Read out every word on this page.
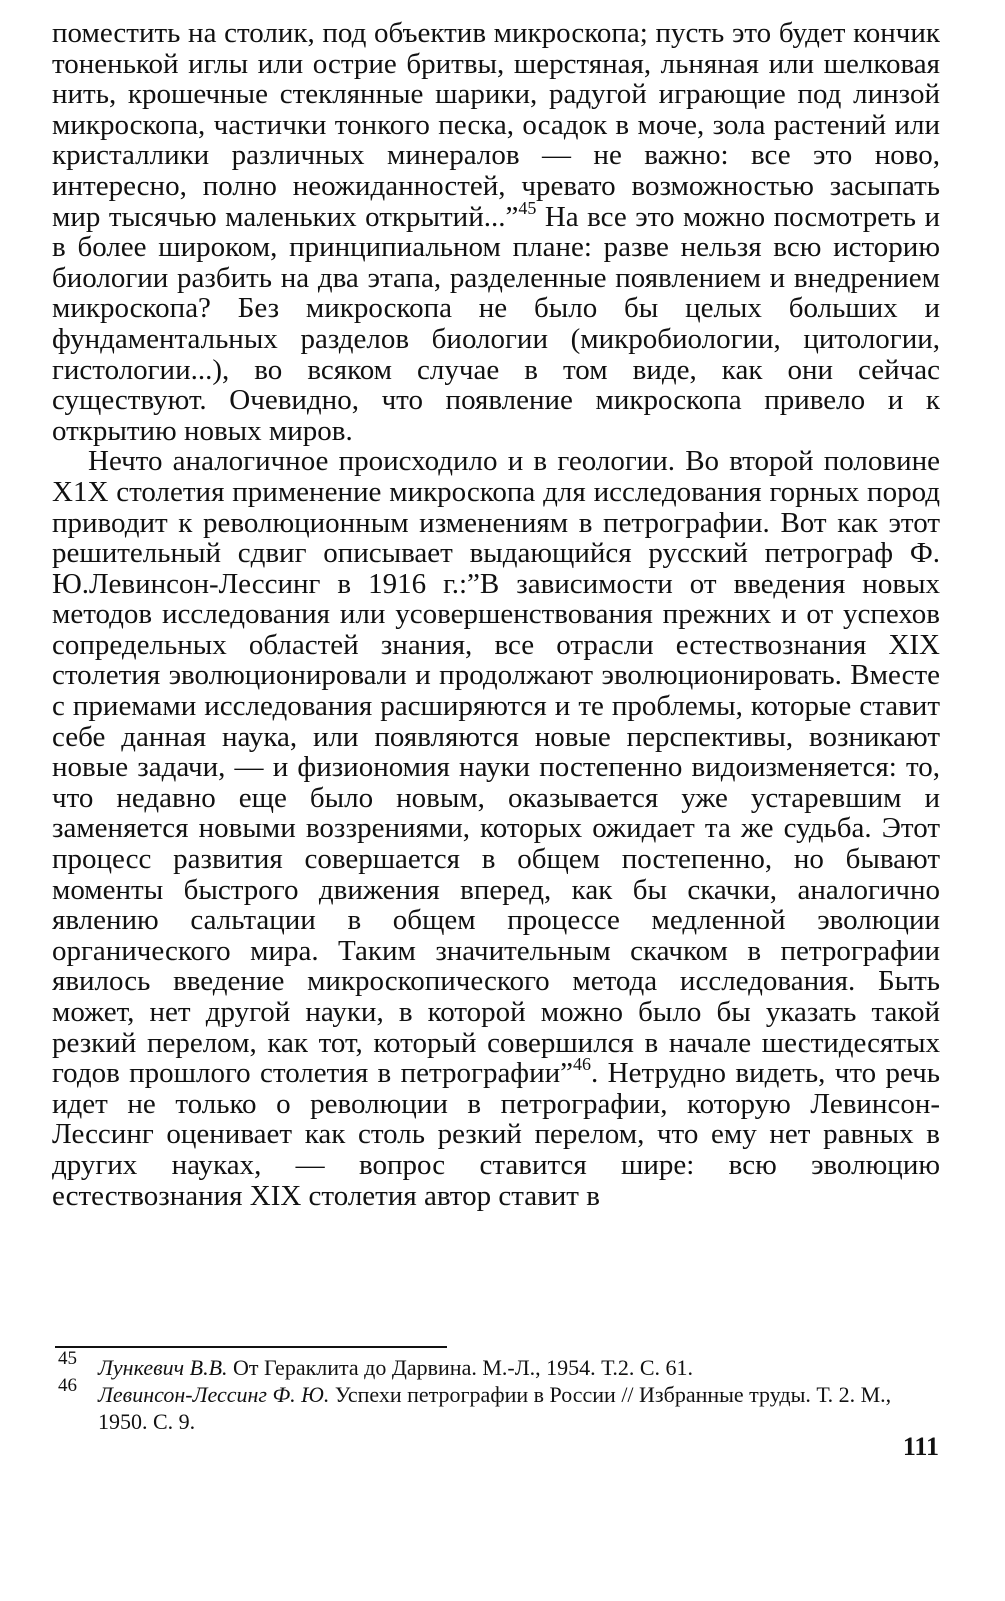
поместить на столик, под объектив микроскопа; пусть это будет кончик тоненькой иглы или острие бритвы, шерстяная, льняная или шелковая нить, крошечные стеклянные шарики, радугой играющие под линзой микроскопа, частички тонкого песка, осадок в моче, зола растений или кристаллики различных минералов — не важно: все это ново, интересно, полно неожиданностей, чревато возможностью засыпать мир тысячью маленьких открытий...”$^{45}$ На все это можно посмотреть и в более широком, принципиальном плане: разве нельзя всю историю биологии разбить на два этапа, разделенные появлением и внедрением микроскопа? Без микроскопа не было бы целых больших и фундаментальных разделов биологии (микробиологии, цитологии, гистологии...), во всяком случае в том виде, как они сейчас существуют. Очевидно, что появление микроскопа привело и к открытию новых миров.

Нечто аналогичное происходило и в геологии. Во второй половине Х1Х столетия применение микроскопа для исследования горных пород приводит к революционным изменениям в петрографии. Вот как этот решительный сдвиг описывает выдающийся русский петрограф Ф. Ю.Левинсон-Лессинг в 1916 г.:”В зависимости от введения новых методов исследования или усовершенствования прежних и от успехов сопредельных областей знания, все отрасли естествознания XIX столетия эволюционировали и продолжают эволюционировать. Вместе с приемами исследования расширяются и те проблемы, которые ставит себе данная наука, или появляются новые перспективы, возникают новые задачи, — и физиономия науки постепенно видоизменяется: то, что недавно еще было новым, оказывается уже устаревшим и заменяется новыми воззрениями, которых ожидает та же судьба. Этот процесс развития совершается в общем постепенно, но бывают моменты быстрого движения вперед, как бы скачки, аналогично явлению сальтации в общем процессе медленной эволюции органического мира. Таким значительным скачком в петрографии явилось введение микроскопического метода исследования. Быть может, нет другой науки, в которой можно было бы указать такой резкий перелом, как тот, который совершился в начале шестидесятых годов прошлого столетия в петрографии”$^{46}$. Нетрудно видеть, что речь идет не только о революции в петрографии, которую Левинсон-Лессинг оценивает как столь резкий перелом, что ему нет равных в других науках, — вопрос ставится шире: всю эволюцию естествознания XIX столетия автор ставит в

45 Лункевич В.В. От Гераклита до Дарвина. М.-Л., 1954. Т.2. С. 61.

46 Левинсон-Лессинг Ф. Ю. Успехи петрографии в России // Избранные труды. Т. 2. М., 1950. С. 9.

111
